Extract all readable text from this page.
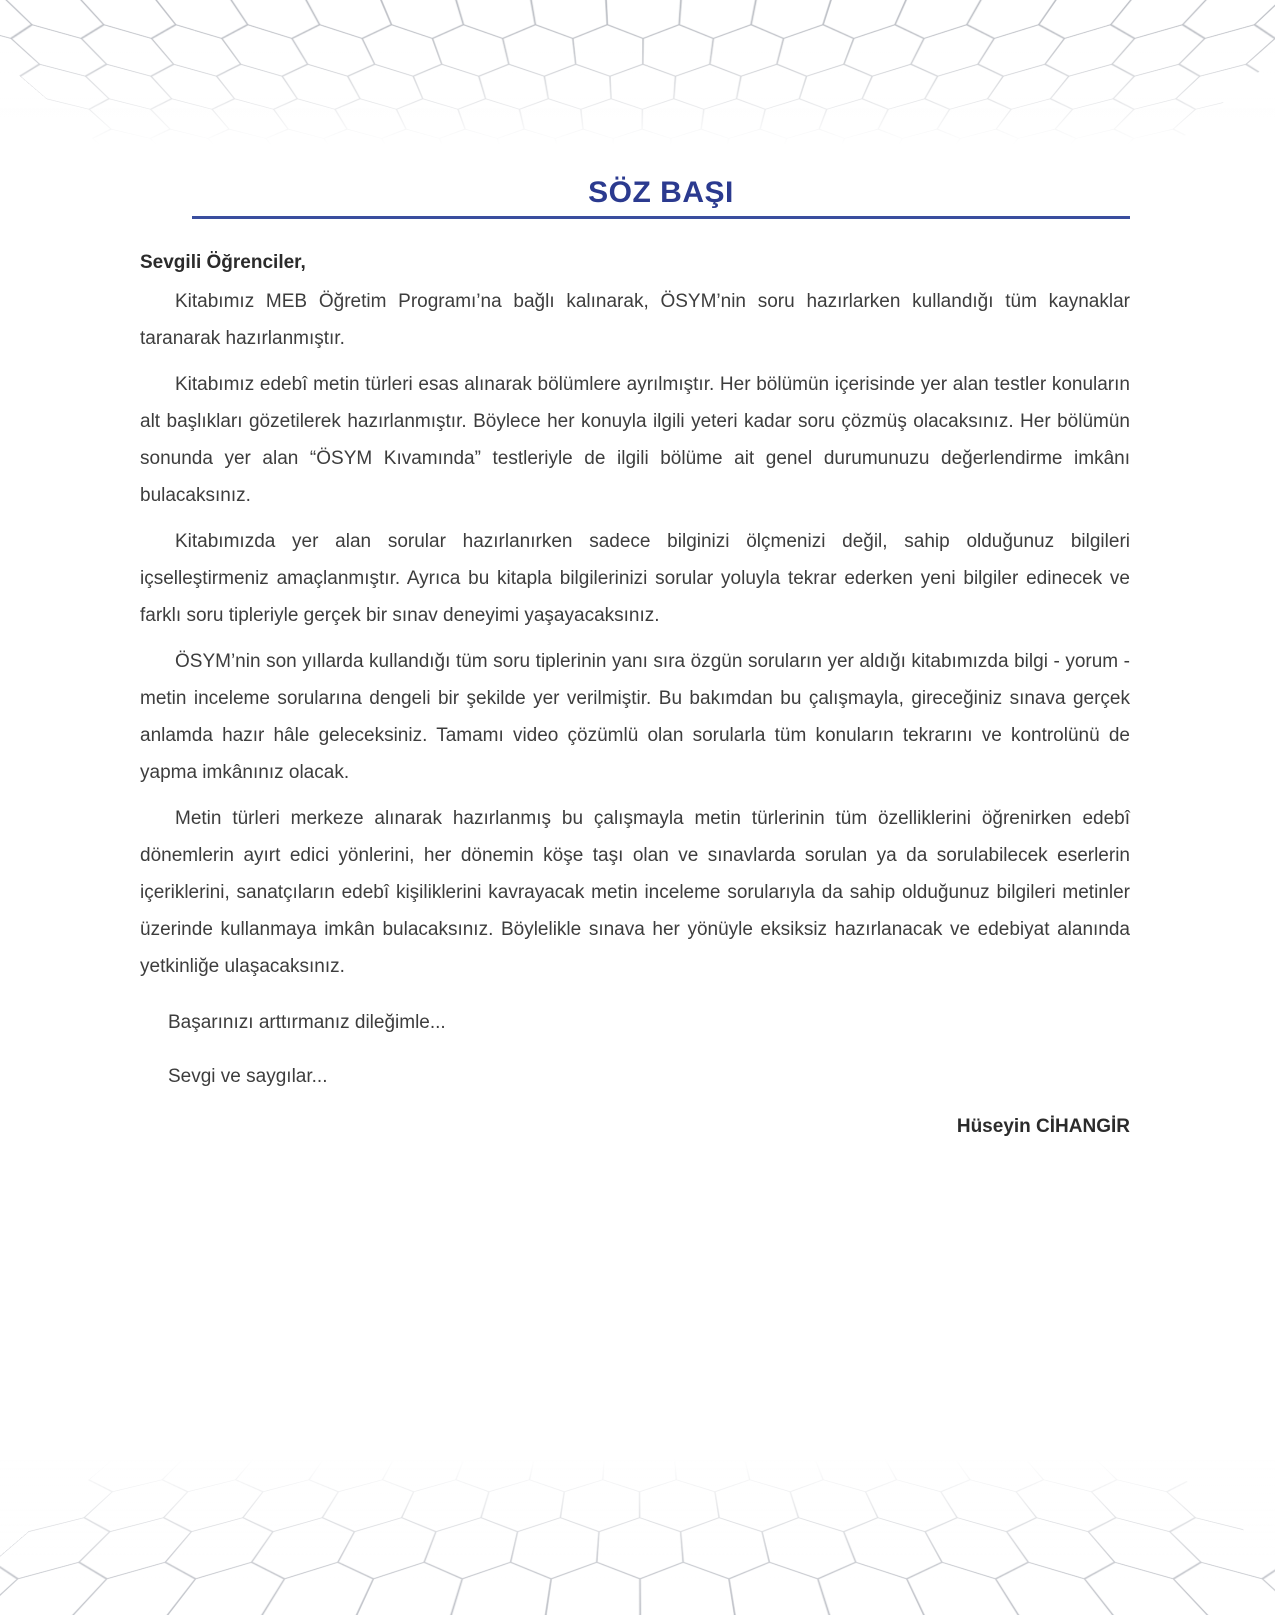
SÖZ BAŞI

Sevgili Öğrenciler,

Kitabımız MEB Öğretim Programı’na bağlı kalınarak, ÖSYM’nin soru hazırlarken kullandığı tüm kaynaklar taranarak hazırlanmıştır.

Kitabımız edebî metin türleri esas alınarak bölümlere ayrılmıştır. Her bölümün içerisinde yer alan testler konuların alt başlıkları gözetilerek hazırlanmıştır. Böylece her konuyla ilgili yeteri kadar soru çözmüş olacaksınız. Her bölümün sonunda yer alan “ÖSYM Kıvamında” testleriyle de ilgili bölüme ait genel durumunuzu değerlendirme imkânı bulacaksınız.

Kitabımızda yer alan sorular hazırlanırken sadece bilginizi ölçmenizi değil, sahip olduğunuz bilgileri içselleştirmeniz amaçlanmıştır. Ayrıca bu kitapla bilgilerinizi sorular yoluyla tekrar ederken yeni bilgiler edinecek ve farklı soru tipleriyle gerçek bir sınav deneyimi yaşayacaksınız.

ÖSYM’nin son yıllarda kullandığı tüm soru tiplerinin yanı sıra özgün soruların yer aldığı kitabımızda bilgi - yorum - metin inceleme sorularına dengeli bir şekilde yer verilmiştir. Bu bakımdan bu çalışmayla, gireceğiniz sınava gerçek anlamda hazır hâle geleceksiniz. Tamamı video çözümlü olan sorularla tüm konuların tekrarını ve kontrolünü de yapma imkânınız olacak.

Metin türleri merkeze alınarak hazırlanmış bu çalışmayla metin türlerinin tüm özelliklerini öğrenirken edebî dönemlerin ayırt edici yönlerini, her dönemin köşe taşı olan ve sınavlarda sorulan ya da sorulabilecek eserlerin içeriklerini, sanatçıların edebî kişiliklerini kavrayacak metin inceleme sorularıyla da sahip olduğunuz bilgileri metinler üzerinde kullanmaya imkân bulacaksınız. Böylelikle sınava her yönüyle eksiksiz hazırlanacak ve edebiyat alanında yetkinliğe ulaşacaksınız.

Başarınızı arttırmanız dileğimle...

Sevgi ve saygılar...

Hüseyin CİHANGİR
